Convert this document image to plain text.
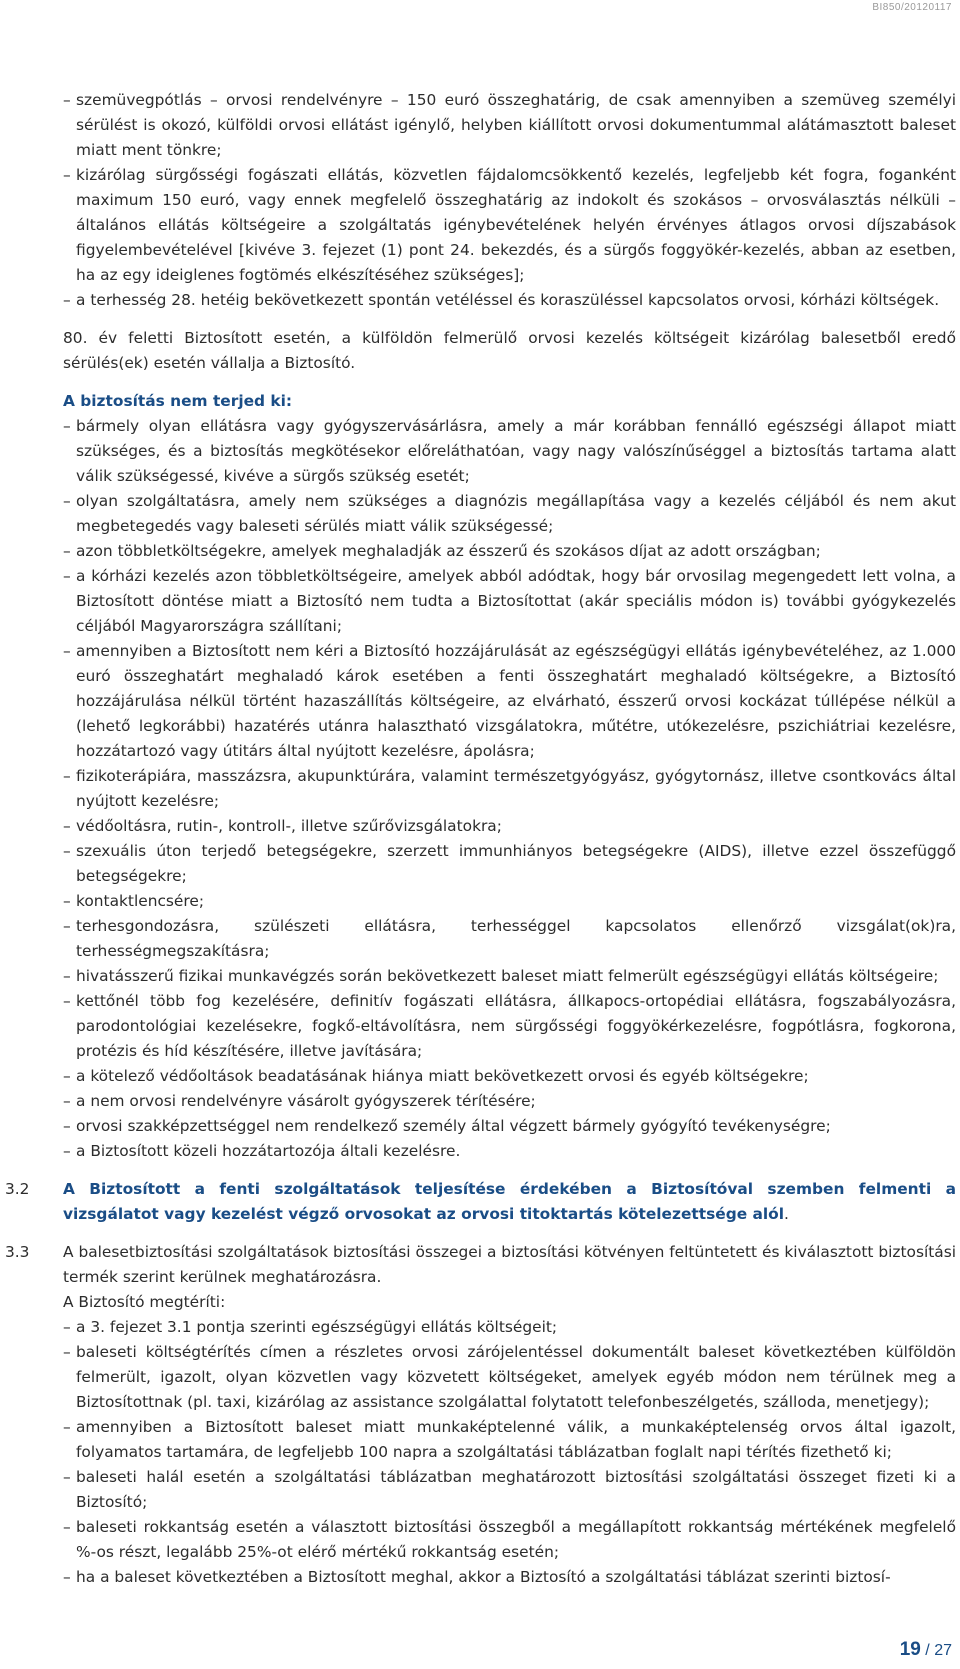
BI850/20120117
– szemüvegpótlás – orvosi rendelvényre – 150 euró összeghatárig, de csak amennyiben a szemüveg személyi sérülést is okozó, külföldi orvosi ellátást igénylő, helyben kiállított orvosi dokumentummal alátámasztott baleset miatt ment tönkre;
– kizárólag sürgősségi fogászati ellátás, közvetlen fájdalomcsökkentő kezelés, legfeljebb két fogra, foganként maximum 150 euró, vagy ennek megfelelő összeghatárig az indokolt és szokásos – orvosválasztás nélküli – általános ellátás költségeire a szolgáltatás igénybevételének helyén érvényes átlagos orvosi díjszabások figyelembevételével [kivéve 3. fejezet (1) pont 24. bekezdés, és a sürgős foggyökér-kezelés, abban az esetben, ha az egy ideiglenes fogtömés elkészítéséhez szükséges];
– a terhesség 28. hetéig bekövetkezett spontán vetéléssel és koraszüléssel kapcsolatos orvosi, kórházi költségek.

80. év feletti Biztosított esetén, a külföldön felmerülő orvosi kezelés költségeit kizárólag balesetből eredő sérülés(ek) esetén vállalja a Biztosító.

A biztosítás nem terjed ki:

– bármely olyan ellátásra vagy gyógyszervásárlásra, amely a már korábban fennálló egészségi állapot miatt szükséges, és a biztosítás megkötésekor előreláthatóan, vagy nagy valószínűséggel a biztosítás tartama alatt válik szükségessé, kivéve a sürgős szükség esetét;
– olyan szolgáltatásra, amely nem szükséges a diagnózis megállapítása vagy a kezelés céljából és nem akut megbetegedés vagy baleseti sérülés miatt válik szükségessé;
– azon többletköltségekre, amelyek meghaladják az ésszerű és szokásos díjat az adott országban;
– a kórházi kezelés azon többletköltségeire, amelyek abból adódtak, hogy bár orvosilag megengedett lett volna, a Biztosított döntése miatt a Biztosító nem tudta a Biztosítottat (akár speciális módon is) további gyógykezelés céljából Magyarországra szállítani;
– amennyiben a Biztosított nem kéri a Biztosító hozzájárulását az egészségügyi ellátás igénybevételéhez, az 1.000 euró összeghatárt meghaladó károk esetében a fenti összeghatárt meghaladó költségekre, a Biztosító hozzájárulása nélkül történt hazaszállítás költségeire, az elvárható, ésszerű orvosi kockázat túllépése nélkül a (lehető legkorábbi) hazatérés utánra halasztható vizsgálatokra, műtétre, utókezelésre, pszichiátriai kezelésre, hozzátartozó vagy útitárs által nyújtott kezelésre, ápolásra;
– fizikoterápiára, masszázsra, akupunktúrára, valamint természetgyógyász, gyógytornász, illetve csontkovács által nyújtott kezelésre;
– védőoltásra, rutin-, kontroll-, illetve szűrővizsgálatokra;
– szexuális úton terjedő betegségekre, szerzett immunhiányos betegségekre (AIDS), illetve ezzel összefüggő betegségekre;
– kontaktlencsére;
– terhesgondozásra, szülészeti ellátásra, terhességgel kapcsolatos ellenőrző vizsgálat(ok)ra, terhességmegszakításra;
– hivatásszerű fizikai munkavégzés során bekövetkezett baleset miatt felmerült egészségügyi ellátás költségeire;
– kettőnél több fog kezelésére, definitív fogászati ellátásra, állkapocs-ortopédiai ellátásra, fogszabályozásra, parodontológiai kezelésekre, fogkő-eltávolításra, nem sürgősségi foggyökérkezelésre, fogpótlásra, fogkorona, protézis és híd készítésére, illetve javítására;
– a kötelező védőoltások beadatásának hiánya miatt bekövetkezett orvosi és egyéb költségekre;
– a nem orvosi rendelvényre vásárolt gyógyszerek térítésére;
– orvosi szakképzettséggel nem rendelkező személy által végzett bármely gyógyító tevékenységre;
– a Biztosított közeli hozzátartozója általi kezelésre.
3.2 A Biztosított a fenti szolgáltatások teljesítése érdekében a Biztosítóval szemben felmenti a vizsgálatot vagy kezelést végző orvosokat az orvosi titoktartás kötelezettsége alól.

3.3 A balesetbiztosítási szolgáltatások biztosítási összegei a biztosítási kötvényen feltüntetett és kiválasztott biztosítási termék szerint kerülnek meghatározásra.

A Biztosító megtéríti:

– a 3. fejezet 3.1 pontja szerinti egészségügyi ellátás költségeit;
– baleseti költségtérítés címen a részletes orvosi zárójelentéssel dokumentált baleset következtében külföldön felmerült, igazolt, olyan közvetlen vagy közvetett költségeket, amelyek egyéb módon nem térülnek meg a Biztosítottnak (pl. taxi, kizárólag az assistance szolgálattal folytatott telefonbeszélgetés, szálloda, menetjegy);
– amennyiben a Biztosított baleset miatt munkaképtelenné válik, a munkaképtelenség orvos által igazolt, folyamatos tartamára, de legfeljebb 100 napra a szolgáltatási táblázatban foglalt napi térítés fizethető ki;
– baleseti halál esetén a szolgáltatási táblázatban meghatározott biztosítási szolgáltatási összeget fizeti ki a Biztosító;
– baleseti rokkantság esetén a választott biztosítási összegből a megállapított rokkantság mértékének megfelelő %-os részt, legalább 25%-ot elérő mértékű rokkantság esetén;
– ha a baleset következtében a Biztosított meghal, akkor a Biztosító a szolgáltatási táblázat szerinti biztosí-
19 / 27
